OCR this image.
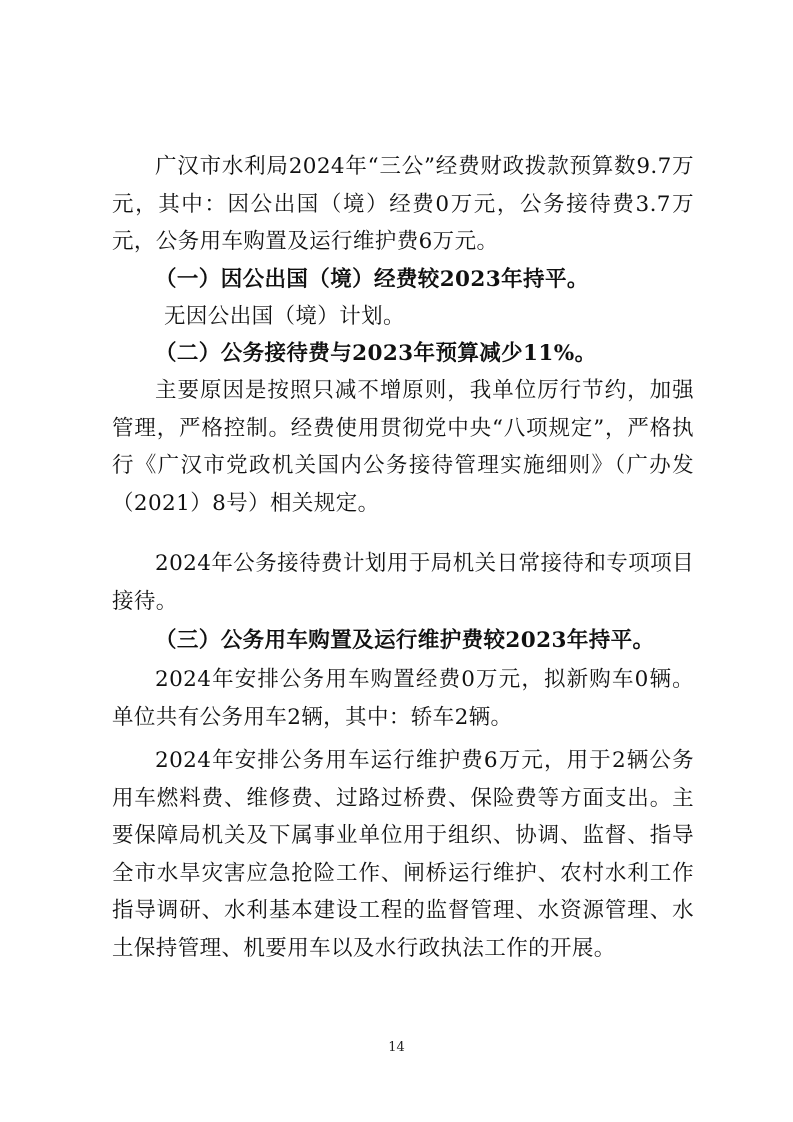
广汉市水利局2024年“三公”经费财政拨款预算数9.7万元，其中：因公出国（境）经费0万元，公务接待费3.7万元，公务用车购置及运行维护费6万元。

（一）因公出国（境）经费较2023年持平。

无因公出国（境）计划。

（二）公务接待费与2023年预算减少11%。

主要原因是按照只减不增原则，我单位厉行节约，加强管理，严格控制。经费使用贯彻党中央“八项规定”，严格执行《广汉市党政机关国内公务接待管理实施细则》（广办发（2021）8号）相关规定。

2024年公务接待费计划用于局机关日常接待和专项项目接待。

（三）公务用车购置及运行维护费较2023年持平。

2024年安排公务用车购置经费0万元，拟新购车0辆。单位共有公务用车2辆，其中：轿车2辆。

2024年安排公务用车运行维护费6万元，用于2辆公务用车燃料费、维修费、过路过桥费、保险费等方面支出。主要保障局机关及下属事业单位用于组织、协调、监督、指导全市水旱灾害应急抢险工作、闸桥运行维护、农村水利工作指导调研、水利基本建设工程的监督管理、水资源管理、水土保持管理、机要用车以及水行政执法工作的开展。

14
